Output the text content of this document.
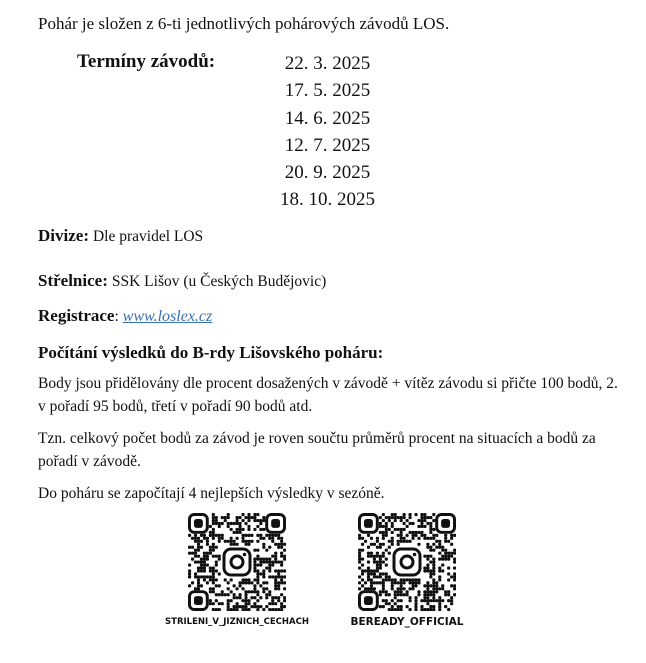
Pohár je složen z 6-ti jednotlivých pohárových závodů LOS.
Termíny závodů:	22. 3. 2025
17. 5. 2025
14. 6. 2025
12. 7. 2025
20. 9. 2025
18. 10. 2025
Divize: Dle pravidel LOS
Střelnice: SSK Lišov (u Českých Budějovic)
Registrace: www.loslex.cz
Počítání výsledků do B-rdy Lišovského poháru:
Body jsou přidělovány dle procent dosažených v závodě + vítěz závodu si přičte 100 bodů, 2. v pořadí 95 bodů, třetí v pořadí 90 bodů atd.
Tzn. celkový počet bodů za závod je roven součtu průměrů procent na situacích a bodů za pořadí v závodě.
Do poháru se započítají 4 nejlepších výsledky v sezóně.
STRILENI_V_JIZNICH_CECHACH	BEREADY_OFFICIAL
